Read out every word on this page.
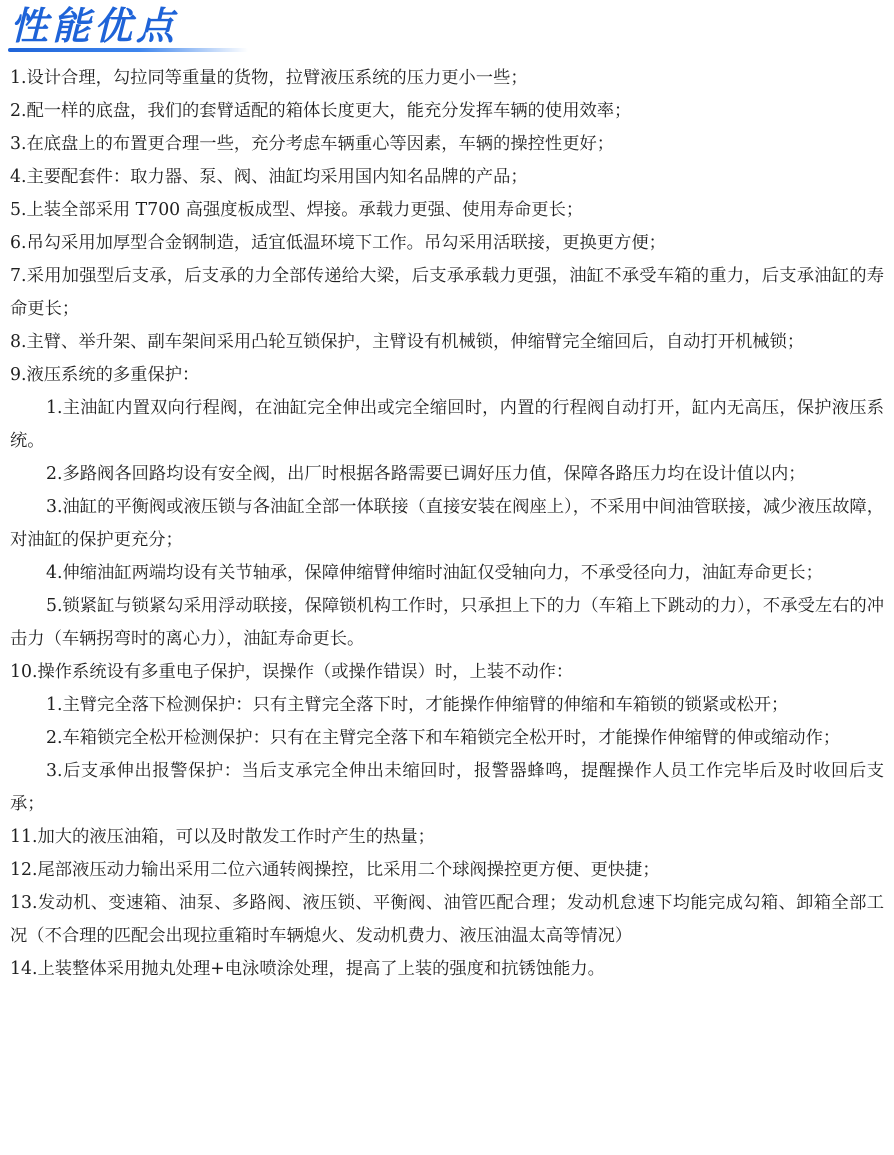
性能优点

1.设计合理，勾拉同等重量的货物，拉臂液压系统的压力更小一些；

2.配一样的底盘，我们的套臂适配的箱体长度更大，能充分发挥车辆的使用效率；

3.在底盘上的布置更合理一些，充分考虑车辆重心等因素，车辆的操控性更好；

4.主要配套件：取力器、泵、阀、油缸均采用国内知名品牌的产品；

5.上装全部采用 T700 高强度板成型、焊接。承载力更强、使用寿命更长；

6.吊勾采用加厚型合金钢制造，适宜低温环境下工作。吊勾采用活联接，更换更方便；

7.采用加强型后支承，后支承的力全部传递给大梁，后支承承载力更强，油缸不承受车箱的重力，后支承油缸的寿命更长；

8.主臂、举升架、副车架间采用凸轮互锁保护，主臂设有机械锁，伸缩臂完全缩回后，自动打开机械锁；

9.液压系统的多重保护：

1.主油缸内置双向行程阀，在油缸完全伸出或完全缩回时，内置的行程阀自动打开，缸内无高压，保护液压系统。

2.多路阀各回路均设有安全阀，出厂时根据各路需要已调好压力值，保障各路压力均在设计值以内；

3.油缸的平衡阀或液压锁与各油缸全部一体联接（直接安装在阀座上），不采用中间油管联接，减少液压故障，对油缸的保护更充分；

4.伸缩油缸两端均设有关节轴承，保障伸缩臂伸缩时油缸仅受轴向力，不承受径向力，油缸寿命更长；

5.锁紧缸与锁紧勾采用浮动联接，保障锁机构工作时，只承担上下的力（车箱上下跳动的力），不承受左右的冲击力（车辆拐弯时的离心力），油缸寿命更长。

10.操作系统设有多重电子保护，误操作（或操作错误）时，上装不动作：

1.主臂完全落下检测保护：只有主臂完全落下时，才能操作伸缩臂的伸缩和车箱锁的锁紧或松开；

2.车箱锁完全松开检测保护：只有在主臂完全落下和车箱锁完全松开时，才能操作伸缩臂的伸或缩动作；

3.后支承伸出报警保护：当后支承完全伸出未缩回时，报警器蜂鸣，提醒操作人员工作完毕后及时收回后支承；

11.加大的液压油箱，可以及时散发工作时产生的热量；

12.尾部液压动力输出采用二位六通转阀操控，比采用二个球阀操控更方便、更快捷；

13.发动机、变速箱、油泵、多路阀、液压锁、平衡阀、油管匹配合理；发动机怠速下均能完成勾箱、卸箱全部工况（不合理的匹配会出现拉重箱时车辆熄火、发动机费力、液压油温太高等情况）

14.上装整体采用抛丸处理+电泳喷涂处理，提高了上装的强度和抗锈蚀能力。
